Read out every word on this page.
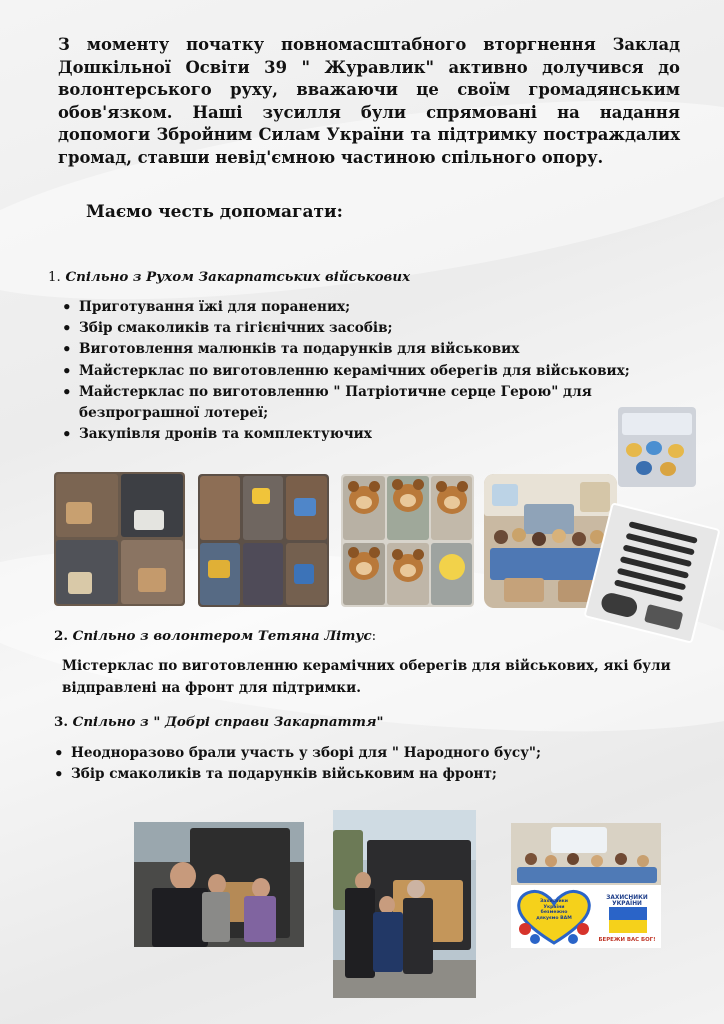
З моменту початку повномасштабного вторгнення Заклад Дошкільної Освіти 39 " Журавлик" активно долучився до волонтерського руху, вважаючи це своїм громадянським обов'язком. Наші зусилля були спрямовані на надання допомоги Збройним Силам України та підтримку постраждалих громад, ставши невід'ємною частиною спільного опору.

Маємо честь допомагати:

1. Спільно з Рухом Закарпатських військових

• Приготування їжі для поранених;
• Збір смаколиків та гігієнічних засобів;
• Виготовлення малюнків та подарунків для військових
• Майстерклас по виготовленню керамічних оберегів для військових;
• Майстерклас по виготовленню " Патріотичне серце Герою" для безпрограшної лотереї;
• Закупівля дронів та комплектуючих

2. Спільно з волонтером Тетяна Літус:

Містерклас по виготовленню керамічних оберегів для військових, які були відправлені на фронт для підтримки.

3. Спільно з " Добрі справи Закарпаття"

• Неодноразово брали участь у зборі для " Народного бусу";
• Збір смаколиків та подарунків військовим на фронт;
Захисники України безмежно дякуємо ВАМ
ЗАХИСНИКИ УКРАЇНИ
БЕРЕЖИ ВАС БОГ!
